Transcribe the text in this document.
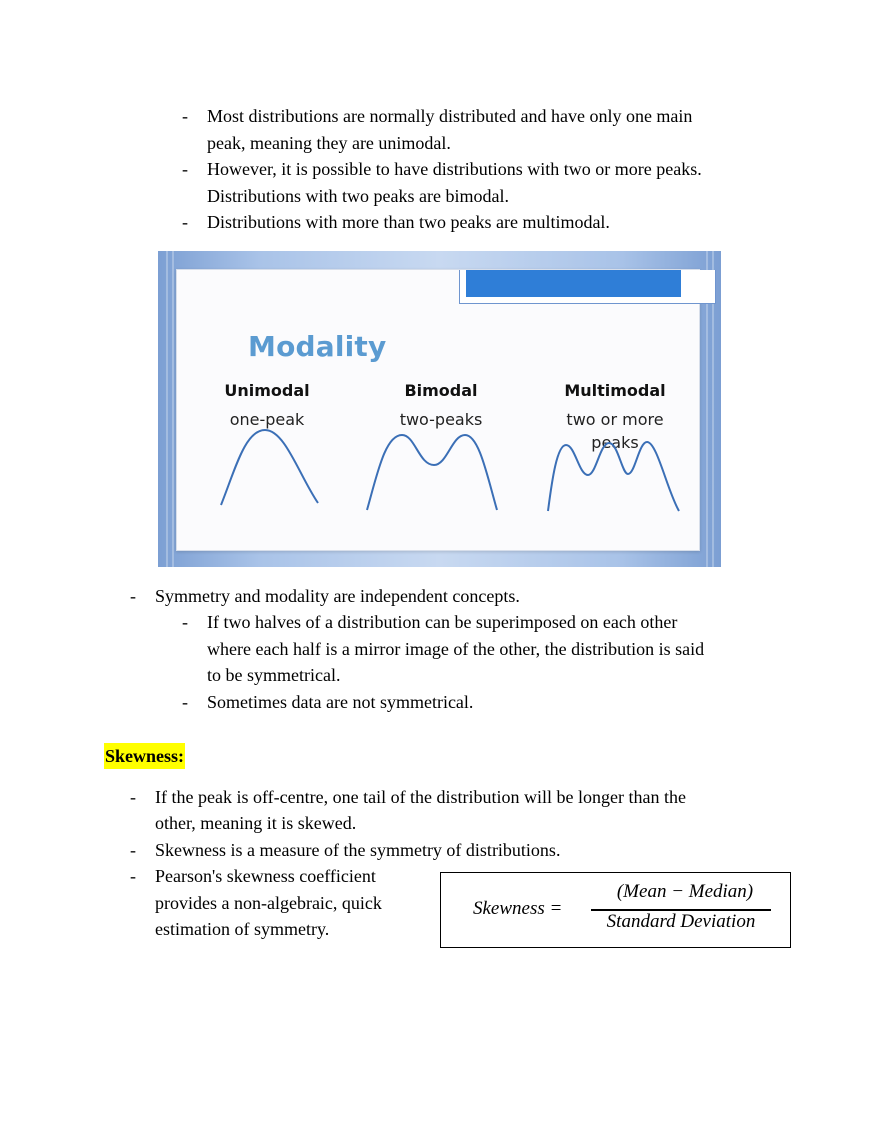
- Most distributions are normally distributed and have only one main
peak, meaning they are unimodal.
- However, it is possible to have distributions with two or more peaks.
Distributions with two peaks are bimodal.
- Distributions with more than two peaks are multimodal.
Modality
Unimodal
one-peak
Bimodal
two-peaks
Multimodal
two or more
peaks
- Symmetry and modality are independent concepts.
- If two halves of a distribution can be superimposed on each other
where each half is a mirror image of the other, the distribution is said
to be symmetrical.
- Sometimes data are not symmetrical.
Skewness:
- If the peak is off-centre, one tail of the distribution will be longer than the
other, meaning it is skewed.
- Skewness is a measure of the symmetry of distributions.
- Pearson's skewness coefficient
provides a non-algebraic, quick
estimation of symmetry.
Skewness =
(Mean − Median)
Standard Deviation
